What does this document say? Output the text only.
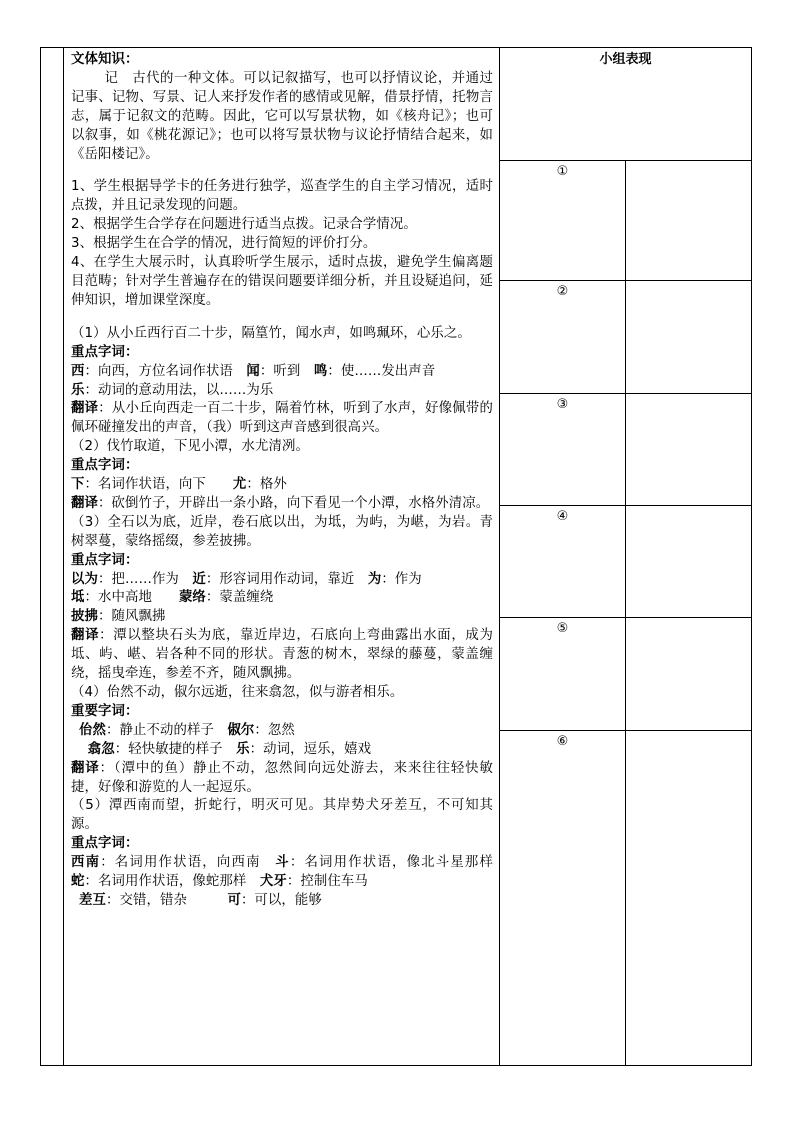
文体知识：

记　 古代的一种文体。可以记叙描写，也可以抒情议论，并通过记事、记物、写景、记人来抒发作者的感情或见解，借景抒情，托物言志，属于记叙文的范畴。因此，它可以写景状物，如《核舟记》；也可以叙事，如《桃花源记》；也可以将写景状物与议论抒情结合起来，如《岳阳楼记》。

1、学生根据导学卡的任务进行独学，巡查学生的自主学习情况，适时点拨，并且记录发现的问题。

2、根据学生合学存在问题进行适当点拨。记录合学情况。

3、根据学生在合学的情况，进行简短的评价打分。

4、在学生大展示时，认真聆听学生展示，适时点拔，避免学生偏离题目范畴；针对学生普遍存在的错误问题要详细分析，并且设疑追问，延伸知识，增加课堂深度。

（1）从小丘西行百二十步，隔篁竹，闻水声，如鸣珮环，心乐之。

重点字词：

西：向西，方位名词作状语　闻：听到　鸣：使……发出声音

乐：动词的意动用法，以……为乐

翻译：从小丘向西走一百二十步，隔着竹林，听到了水声，好像佩带的佩环碰撞发出的声音，（我）听到这声音感到很高兴。

（2）伐竹取道，下见小潭，水尤清冽。

重点字词：

下：名词作状语，向下　　尤：格外

翻译：砍倒竹子，开辟出一条小路，向下看见一个小潭，水格外清凉。

（3）全石以为底，近岸，卷石底以出，为坻，为屿，为嵁，为岩。青树翠蔓，蒙络摇缀，参差披拂。

重点字词：

以为：把……作为　近：形容词用作动词，靠近　为：作为

坻：水中高地　　蒙络：蒙盖缠绕

披拂：随风飘拂

翻译：潭以整块石头为底，靠近岸边，石底向上弯曲露出水面，成为坻、屿、嵁、岩各种不同的形状。青葱的树木，翠绿的藤蔓，蒙盖缠绕，摇曳牵连，参差不齐，随风飘拂。

（4）佁然不动，俶尔远逝，往来翕忽，似与游者相乐。

重要字词：

佁然：静止不动的样子　俶尔：忽然

翕忽：轻快敏捷的样子　乐：动词，逗乐，嬉戏

翻译：（潭中的鱼）静止不动，忽然间向远处游去，来来往往轻快敏捷，好像和游览的人一起逗乐。

（5）潭西南而望，折蛇行，明灭可见。其岸势犬牙差互，不可知其源。

重点字词：

西南：名词用作状语，向西南　斗：名词用作状语，像北斗星那样　蛇：名词用作状语，像蛇那样　犬牙：控制住车马

差互：交错，错杂　　　可：可以，能够

小组表现
①	
②	
③	
④	
⑤	
⑥	
